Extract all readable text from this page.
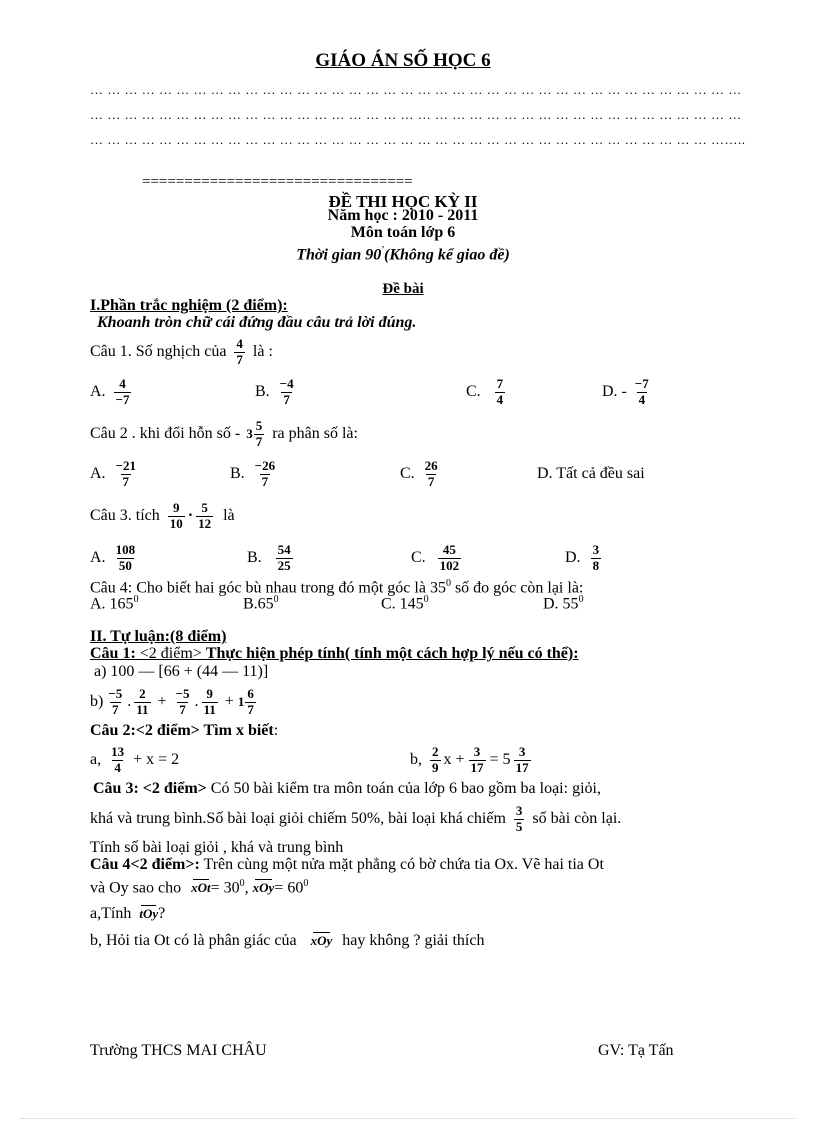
GIÁO ÁN SỐ HỌC 6
… … … … … … … … … … … … … … … … … … … … … … … … … … … … … … … … … … … … … …
… … … … … … … … … … … … … … … … … … … … … … … … … … … … … … … … … … … … … …
… … … … … … … … … … … … … … … … … … … … … … … … … … … … … … … … … … … … ……..
================================
ĐỀ THI HỌC KỲ II
Năm học : 2010 - 2011
Môn toán lớp 6
Thời gian 90'(Không kể giao đề)
Đề bài
I.Phần trắc nghiệm (2 điểm):
Khoanh tròn chữ cái đứng đầu câu trả lời đúng.
Câu 1. Số nghịch của $\frac{4}{7}$ là :
A. $\frac{4}{-7}$	B. $\frac{-4}{7}$	C. $\frac{7}{4}$	D. - $\frac{-7}{4}$
Câu 2 . khi đổi hỗn số - $3 \frac{5}{7}$ ra phân số là:
A. $\frac{-21}{7}$	B. $\frac{-26}{7}$	C. $\frac{26}{7}$	D. Tất cả đều sai
Câu 3. tích $\frac{9}{10} \cdot \frac{5}{12}$ là
A. $\frac{108}{50}$	B. $\frac{54}{25}$	C. $\frac{45}{102}$	D. $\frac{3}{8}$
Câu 4: Cho biết hai góc bù nhau trong đó một góc là $35^0$ số đo góc còn lại là:
A. $165^0$	$B.65^0$	C. $145^0$	D. $55^0$
II. Tự luận:(8 điểm)
Câu 1: <2 điểm> Thực hiện phép tính( tính một cách hợp lý nếu có thể):
a) 100 — [66 + (44 — 11)]
$b) \frac{-5}{7}$ . $\frac{2}{11} + \frac{-5}{7}$ . $\frac{9}{11} + 1 \frac{6}{7}$
Câu 2:<2 điểm> Tìm x biết:
a, $\frac{13}{4} + x = 2$	b, $\frac{2}{9}$ $x + \frac{3}{17} = 5 \frac{3}{17}$
Câu 3: <2 điểm> Có 50 bài kiểm tra môn toán của lớp 6 bao gồm ba loại: giỏi,
khá và trung bình.Số bài loại giỏi chiếm 50%, bài loại khá chiếm $\frac{3}{5}$ số bài còn lại.
Tính số bài loại giỏi , khá và trung bình
Câu 4<2 điểm>: Trên cùng một nửa mặt phẳng có bờ chứa tia Ox. Vẽ hai tia Ot
và Oy sao cho $xOt= 30^0$, $xOy= 60^0$
a,Tính tOy?
b, Hỏi tia Ot có là phân giác của xOy hay không ? giải thích
Trường THCS MAI CHÂU	GV: Tạ Tấn
